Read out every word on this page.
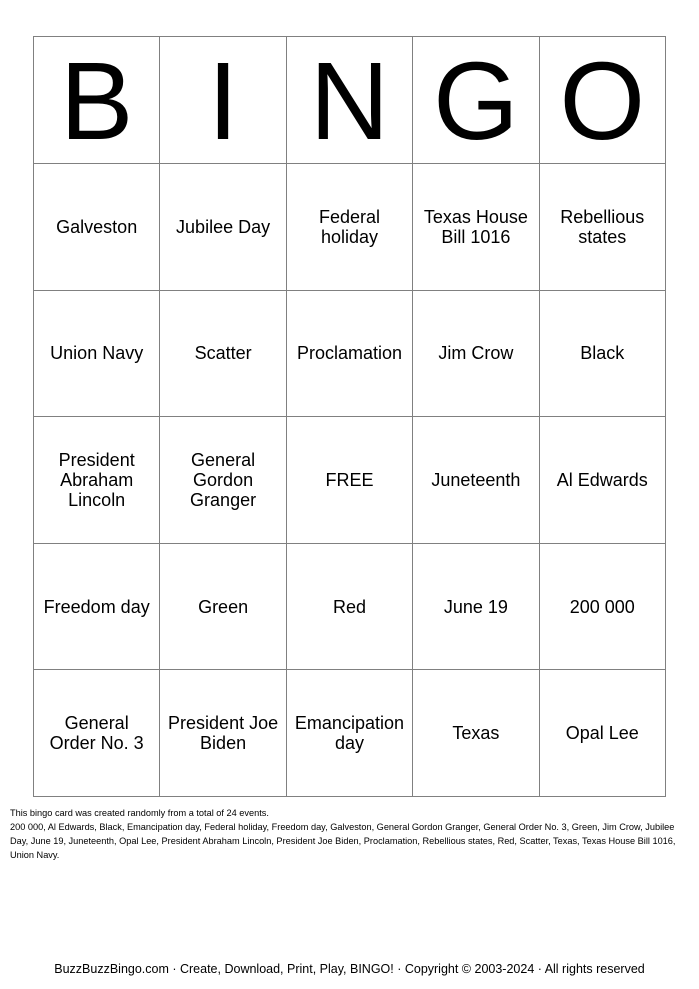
B	I	N	G	O
Galveston	Jubilee Day	Federal holiday	Texas House Bill 1016	Rebellious states
Union Navy	Scatter	Proclamation	Jim Crow	Black
President Abraham Lincoln	General Gordon Granger	FREE	Juneteenth	Al Edwards
Freedom day	Green	Red	June 19	200 000
General Order No. 3	President Joe Biden	Emancipation day	Texas	Opal Lee

This bingo card was created randomly from a total of 24 events.

200 000, Al Edwards, Black, Emancipation day, Federal holiday, Freedom day, Galveston, General Gordon Granger, General Order No. 3, Green, Jim Crow, Jubilee Day, June 19, Juneteenth, Opal Lee, President Abraham Lincoln, President Joe Biden, Proclamation, Rebellious states, Red, Scatter, Texas, Texas House Bill 1016, Union Navy.

BuzzBuzzBingo.com · Create, Download, Print, Play, BINGO! · Copyright © 2003-2024 · All rights reserved
